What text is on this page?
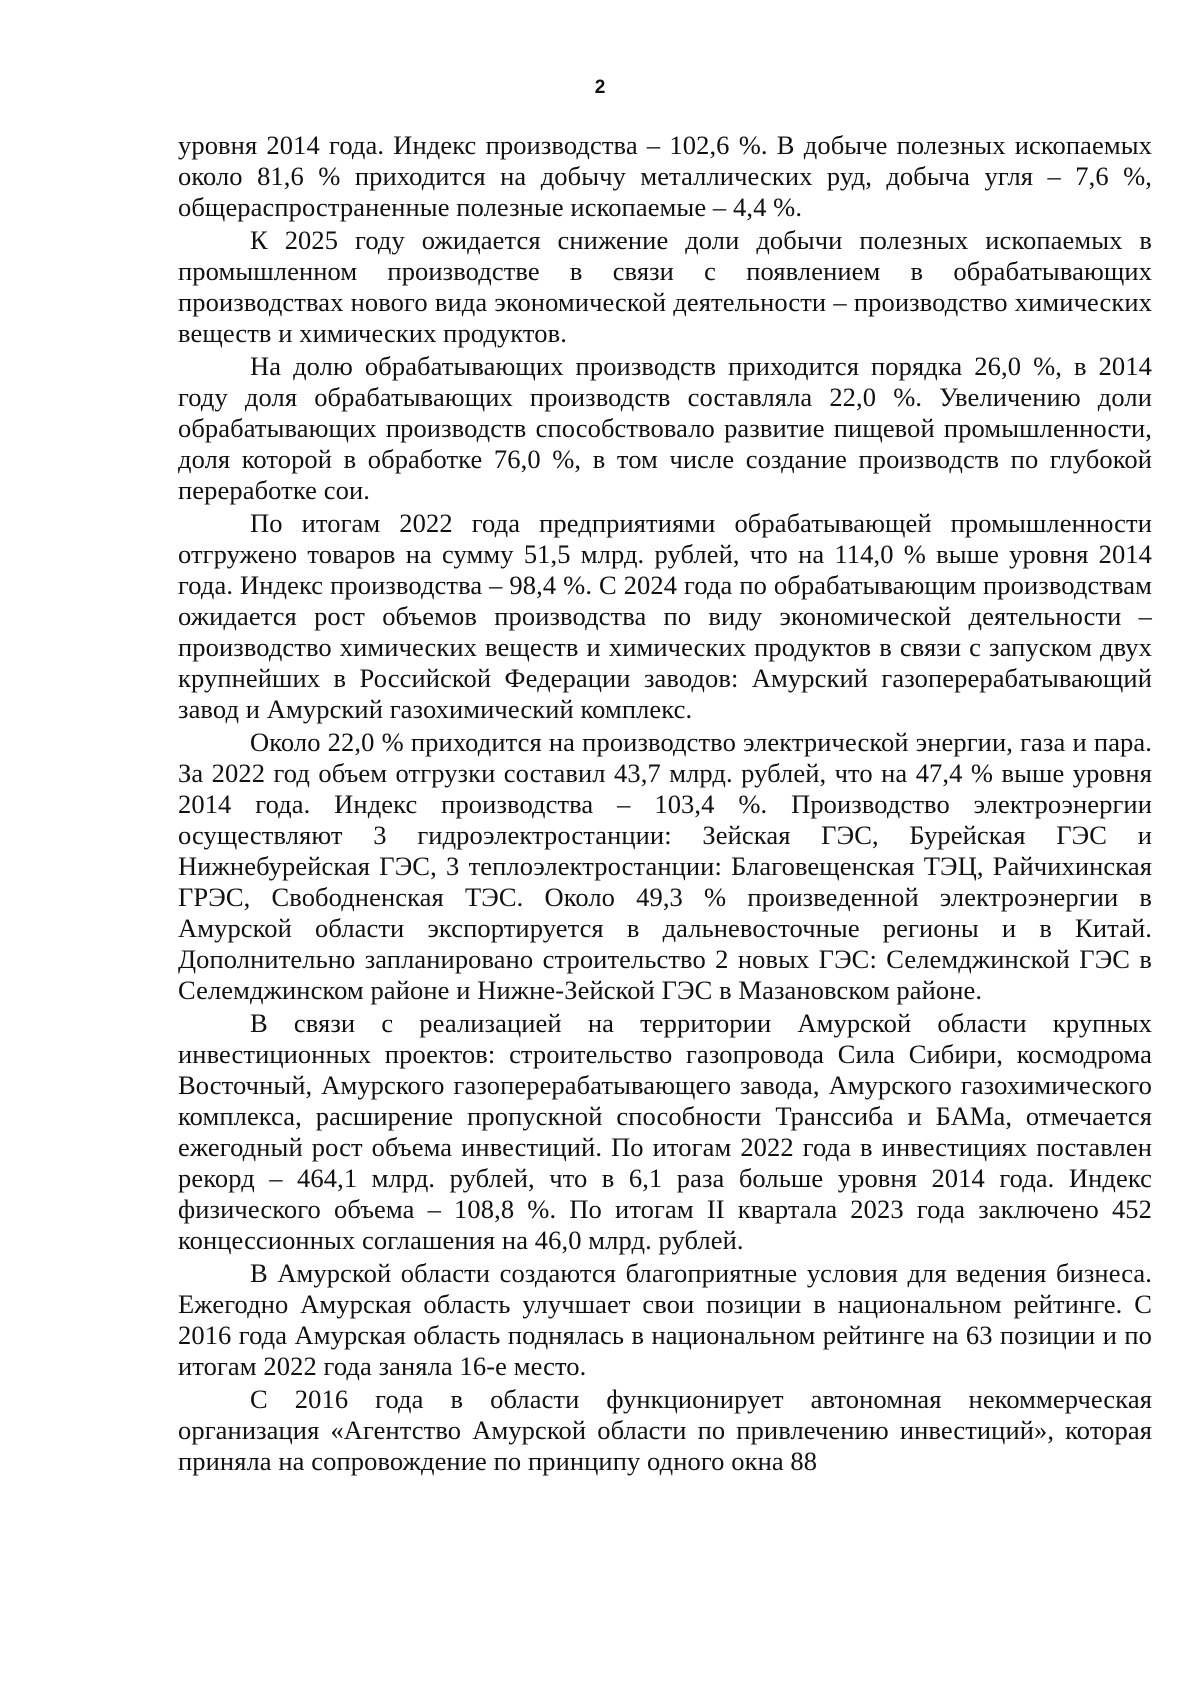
2

уровня 2014 года. Индекс производства – 102,6 %. В добыче полезных ископаемых около 81,6 % приходится на добычу металлических руд, добыча угля – 7,6 %, общераспространенные полезные ископаемые – 4,4 %.

К 2025 году ожидается снижение доли добычи полезных ископаемых в промышленном производстве в связи с появлением в обрабатывающих производствах нового вида экономической деятельности – производство химических веществ и химических продуктов.

На долю обрабатывающих производств приходится порядка 26,0 %, в 2014 году доля обрабатывающих производств составляла 22,0 %. Увеличению доли обрабатывающих производств способствовало развитие пищевой промышленности, доля которой в обработке 76,0 %, в том числе создание производств по глубокой переработке сои.

По итогам 2022 года предприятиями обрабатывающей промышленности отгружено товаров на сумму 51,5 млрд. рублей, что на 114,0 % выше уровня 2014 года. Индекс производства – 98,4 %. С 2024 года по обрабатывающим производствам ожидается рост объемов производства по виду экономической деятельности – производство химических веществ и химических продуктов в связи с запуском двух крупнейших в Российской Федерации заводов: Амурский газоперерабатывающий завод и Амурский газохимический комплекс.

Около 22,0 % приходится на производство электрической энергии, газа и пара. За 2022 год объем отгрузки составил 43,7 млрд. рублей, что на 47,4 % выше уровня 2014 года. Индекс производства – 103,4 %. Производство электроэнергии осуществляют 3 гидроэлектростанции: Зейская ГЭС, Бурейская ГЭС и Нижнебурейская ГЭС, 3 теплоэлектростанции: Благовещенская ТЭЦ, Райчихинская ГРЭС, Свободненская ТЭС. Около 49,3 % произведенной электроэнергии в Амурской области экспортируется в дальневосточные регионы и в Китай. Дополнительно запланировано строительство 2 новых ГЭС: Селемджинской ГЭС в Селемджинском районе и Нижне-Зейской ГЭС в Мазановском районе.

В связи с реализацией на территории Амурской области крупных инвестиционных проектов: строительство газопровода Сила Сибири, космодрома Восточный, Амурского газоперерабатывающего завода, Амурского газохимического комплекса, расширение пропускной способности Транссиба и БАМа, отмечается ежегодный рост объема инвестиций. По итогам 2022 года в инвестициях поставлен рекорд – 464,1 млрд. рублей, что в 6,1 раза больше уровня 2014 года. Индекс физического объема – 108,8 %. По итогам II квартала 2023 года заключено 452 концессионных соглашения на 46,0 млрд. рублей.

В Амурской области создаются благоприятные условия для ведения бизнеса. Ежегодно Амурская область улучшает свои позиции в национальном рейтинге. С 2016 года Амурская область поднялась в национальном рейтинге на 63 позиции и по итогам 2022 года заняла 16-е место.

С 2016 года в области функционирует автономная некоммерческая организация «Агентство Амурской области по привлечению инвестиций», которая приняла на сопровождение по принципу одного окна 88
